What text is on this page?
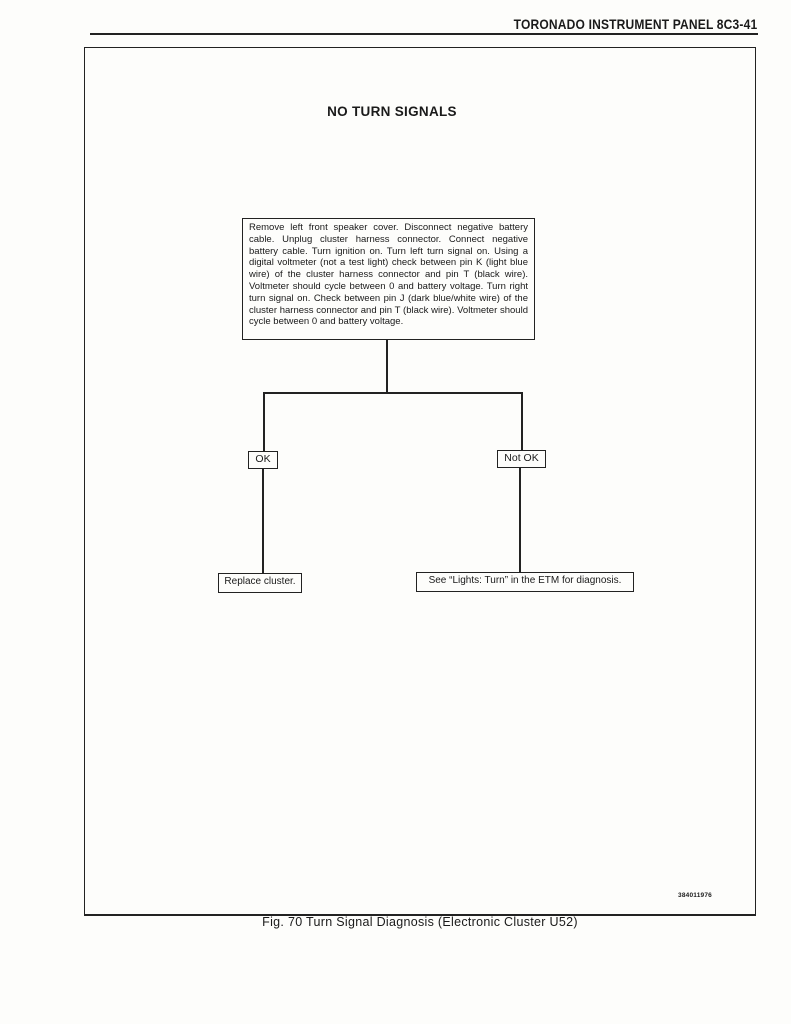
TORONADO INSTRUMENT PANEL 8C3-41
NO TURN SIGNALS
Remove left front speaker cover. Disconnect negative battery cable. Unplug cluster harness connector. Connect negative battery cable. Turn ignition on. Turn left turn signal on. Using a digital voltmeter (not a test light) check between pin K (light blue wire) of the cluster harness connector and pin T (black wire). Voltmeter should cycle between 0 and battery voltage. Turn right turn signal on. Check between pin J (dark blue/white wire) of the cluster harness connector and pin T (black wire). Voltmeter should cycle between 0 and battery voltage.
OK	Not OK
Replace cluster.	See “Lights: Turn” in the ETM for diagnosis.
384011976
Fig. 70 Turn Signal Diagnosis (Electronic Cluster U52)
